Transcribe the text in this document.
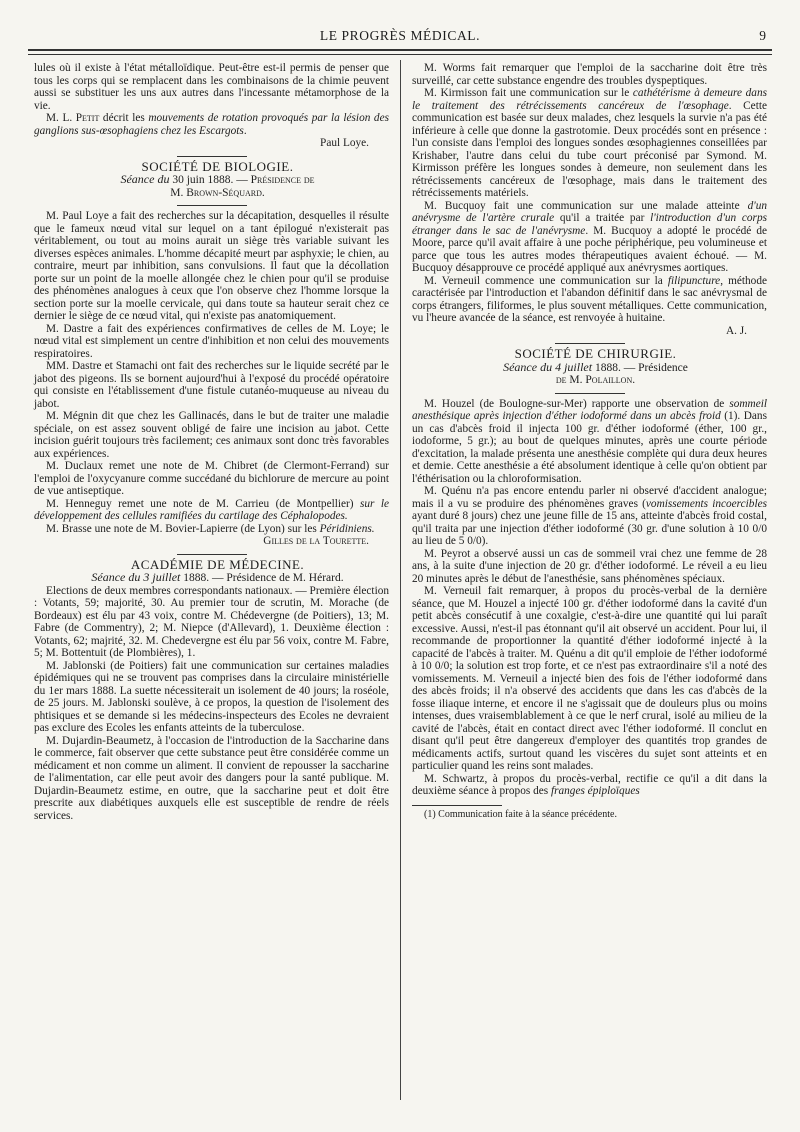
LE PROGRÈS MÉDICAL.	9

lules où il existe à l'état métalloïdique. Peut-être est-il permis de penser que tous les corps qui se remplacent dans les combinaisons de la chimie peuvent aussi se substituer les uns aux autres dans l'incessante métamorphose de la vie.

M. L. Petit décrit les mouvements de rotation provoqués par la lésion des ganglions sus-œsophagiens chez les Escargots.

Paul Loye.

SOCIÉTÉ DE BIOLOGIE.

Séance du 30 juin 1888. — Présidence de

M. Brown-Séquard.

M. Paul Loye a fait des recherches sur la décapitation, desquelles il résulte que le fameux nœud vital sur lequel on a tant épilogué n'existerait pas véritablement, ou tout au moins aurait un siège très variable suivant les diverses espèces animales. L'homme décapité meurt par asphyxie; le chien, au contraire, meurt par inhibition, sans convulsions. Il faut que la décollation porte sur un point de la moelle allongée chez le chien pour qu'il se produise des phénomènes analogues à ceux que l'on observe chez l'homme lorsque la section porte sur la moelle cervicale, qui dans toute sa hauteur serait chez ce dernier le siège de ce nœud vital, qui n'existe pas anatomiquement.

M. Dastre a fait des expériences confirmatives de celles de M. Loye; le nœud vital est simplement un centre d'inhibition et non celui des mouvements respiratoires.

MM. Dastre et Stamachi ont fait des recherches sur le liquide secrété par le jabot des pigeons. Ils se bornent aujourd'hui à l'exposé du procédé opératoire qui consiste en l'établissement d'une fistule cutanéo-muqueuse au niveau du jabot.

M. Mégnin dit que chez les Gallinacés, dans le but de traiter une maladie spéciale, on est assez souvent obligé de faire une incision au jabot. Cette incision guérit toujours très facilement; ces animaux sont donc très favorables aux expériences.

M. Duclaux remet une note de M. Chibret (de Clermont-Ferrand) sur l'emploi de l'oxycyanure comme succédané du bichlorure de mercure au point de vue antiseptique.

M. Henneguy remet une note de M. Carrieu (de Montpellier) sur le développement des cellules ramifiées du cartilage des Céphalopodes.

M. Brasse une note de M. Bovier-Lapierre (de Lyon) sur les Péridiniens.

Gilles de la Tourette.

ACADÉMIE DE MÉDECINE.

Séance du 3 juillet 1888. — Présidence de M. Hérard.

Elections de deux membres correspondants nationaux. — Première élection : Votants, 59; majorité, 30. Au premier tour de scrutin, M. Morache (de Bordeaux) est élu par 43 voix, contre M. Chédevergne (de Poitiers), 13; M. Fabre (de Commentry), 2; M. Niepce (d'Allevard), 1. Deuxième élection : Votants, 62; majrité, 32. M. Chedevergne est élu par 56 voix, contre M. Fabre, 5; M. Bottentuit (de Plombières), 1.

M. Jablonski (de Poitiers) fait une communication sur certaines maladies épidémiques qui ne se trouvent pas comprises dans la circulaire ministérielle du 1er mars 1888. La suette nécessiterait un isolement de 40 jours; la roséole, de 25 jours. M. Jablonski soulève, à ce propos, la question de l'isolement des phtisiques et se demande si les médecins-inspecteurs des Ecoles ne devraient pas exclure des Ecoles les enfants atteints de la tuberculose.

M. Dujardin-Beaumetz, à l'occasion de l'introduction de la Saccharine dans le commerce, fait observer que cette substance peut être considérée comme un médicament et non comme un aliment. Il convient de repousser la saccharine de l'alimentation, car elle peut avoir des dangers pour la santé publique. M. Dujardin-Beaumetz estime, en outre, que la saccharine peut et doit être prescrite aux diabétiques auxquels elle est susceptible de rendre de réels services.

M. Worms fait remarquer que l'emploi de la saccharine doit être très surveillé, car cette substance engendre des troubles dyspeptiques.

M. Kirmisson fait une communication sur le cathétérisme à demeure dans le traitement des rétrécissements cancéreux de l'œsophage. Cette communication est basée sur deux malades, chez lesquels la survie n'a pas été inférieure à celle que donne la gastrotomie. Deux procédés sont en présence : l'un consiste dans l'emploi des longues sondes œsophagiennes conseillées par Krishaber, l'autre dans celui du tube court préconisé par Symond. M. Kirmisson préfère les longues sondes à demeure, non seulement dans les rétrécissements cancéreux de l'œsophage, mais dans le traitement des rétrécissements matériels.

M. Bucquoy fait une communication sur une malade atteinte d'un anévrysme de l'artère crurale qu'il a traitée par l'introduction d'un corps étranger dans le sac de l'anévrysme. M. Bucquoy a adopté le procédé de Moore, parce qu'il avait affaire à une poche périphérique, peu volumineuse et parce que tous les autres modes thérapeutiques avaient échoué. — M. Bucquoy désapprouve ce procédé appliqué aux anévrysmes aortiques.

M. Verneuil commence une communication sur la filipuncture, méthode caractérisée par l'introduction et l'abandon définitif dans le sac anévrysmal de corps étrangers, filiformes, le plus souvent métalliques. Cette communication, vu l'heure avancée de la séance, est renvoyée à huitaine.

A. J.

SOCIÉTÉ DE CHIRURGIE.

Séance du 4 juillet 1888. — Présidence

de M. Polaillon.

M. Houzel (de Boulogne-sur-Mer) rapporte une observation de sommeil anesthésique après injection d'éther iodoformé dans un abcès froid (1). Dans un cas d'abcès froid il injecta 100 gr. d'éther iodoformé (éther, 100 gr., iodoforme, 5 gr.); au bout de quelques minutes, après une courte période d'excitation, la malade présenta une anesthésie complète qui dura deux heures et demie. Cette anesthésie a été absolument identique à celle qu'on obtient par l'éthérisation ou la chloroformisation.

M. Quénu n'a pas encore entendu parler ni observé d'accident analogue; mais il a vu se produire des phénomènes graves (vomissements incoercibles ayant duré 8 jours) chez une jeune fille de 15 ans, atteinte d'abcès froid costal, qu'il traita par une injection d'éther iodoformé (30 gr. d'une solution à 10 0/0 au lieu de 5 0/0).

M. Peyrot a observé aussi un cas de sommeil vrai chez une femme de 28 ans, à la suite d'une injection de 20 gr. d'éther iodoformé. Le réveil a eu lieu 20 minutes après le début de l'anesthésie, sans phénomènes spéciaux.

M. Verneuil fait remarquer, à propos du procès-verbal de la dernière séance, que M. Houzel a injecté 100 gr. d'éther iodoformé dans la cavité d'un petit abcès consécutif à une coxalgie, c'est-à-dire une quantité qui lui paraît excessive. Aussi, n'est-il pas étonnant qu'il ait observé un accident. Pour lui, il recommande de proportionner la quantité d'éther iodoformé injecté à la capacité de l'abcès à traiter. M. Quénu a dit qu'il emploie de l'éther iodoformé à 10 0/0; la solution est trop forte, et ce n'est pas extraordinaire s'il a noté des vomissements. M. Verneuil a injecté bien des fois de l'éther iodoformé dans des abcès froids; il n'a observé des accidents que dans les cas d'abcès de la fosse iliaque interne, et encore il ne s'agissait que de douleurs plus ou moins intenses, dues vraisemblablement à ce que le nerf crural, isolé au milieu de la cavité de l'abcès, était en contact direct avec l'éther iodoformé. Il conclut en disant qu'il peut être dangereux d'employer des quantités trop grandes de médicaments actifs, surtout quand les viscères du sujet sont atteints et en particulier quand les reins sont malades.

M. Schwartz, à propos du procès-verbal, rectifie ce qu'il a dit dans la deuxième séance à propos des franges épiploïques

(1) Communication faite à la séance précédente.
